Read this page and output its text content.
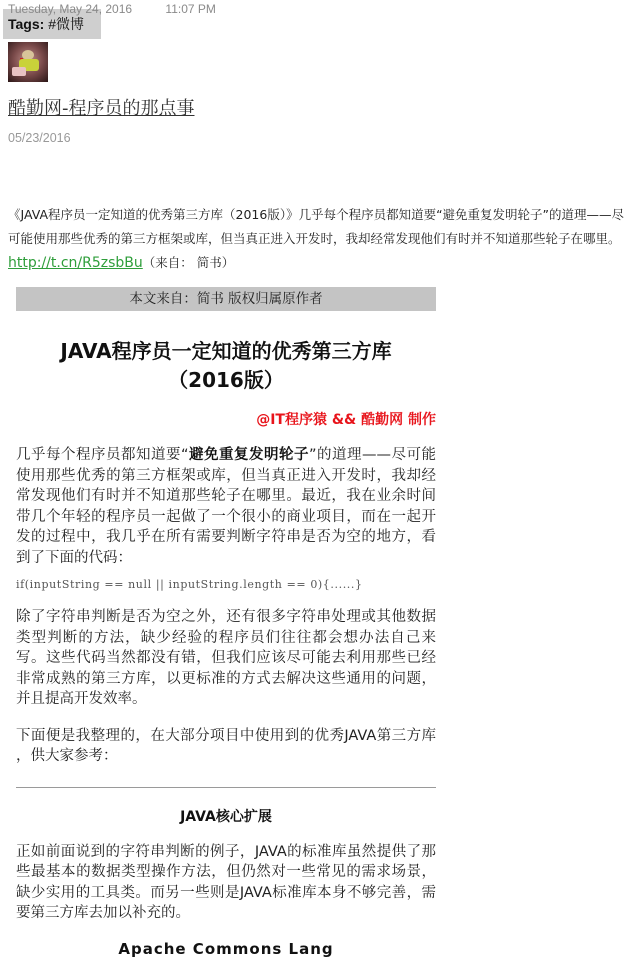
Tuesday, May 24, 2016	11:07 PM
Tags: #微博
酷勤网-程序员的那点事
05/23/2016
《JAVA程序员一定知道的优秀第三方库（2016版）》几乎每个程序员都知道要“避免重复发明轮子”的道理——尽可能使用那些优秀的第三方框架或库，但当真正进入开发时，我却经常发现他们有时并不知道那些轮子在哪里。 http://t.cn/R5zsbBu（来自： 简书）
本文来自：简书 版权归属原作者
JAVA程序员一定知道的优秀第三方库
（2016版）
@IT程序猿 && 酷勤网 制作
几乎每个程序员都知道要“避免重复发明轮子”的道理——尽可能使用那些优秀的第三方框架或库，但当真正进入开发时，我却经常发现他们有时并不知道那些轮子在哪里。最近，我在业余时间带几个年轻的程序员一起做了一个很小的商业项目，而在一起开发的过程中，我几乎在所有需要判断字符串是否为空的地方，看到了下面的代码：
if(inputString == null || inputString.length == 0){......}
除了字符串判断是否为空之外，还有很多字符串处理或其他数据类型判断的方法，缺少经验的程序员们往往都会想办法自己来写。这些代码当然都没有错，但我们应该尽可能去利用那些已经非常成熟的第三方库，以更标准的方式去解决这些通用的问题，并且提高开发效率。
下面便是我整理的，在大部分项目中使用到的优秀JAVA第三方库 ，供大家参考：
JAVA核心扩展
正如前面说到的字符串判断的例子，JAVA的标准库虽然提供了那些最基本的数据类型操作方法，但仍然对一些常见的需求场景，缺少实用的工具类。而另一些则是JAVA标准库本身不够完善，需要第三方库去加以补充的。
Apache Commons Lang
